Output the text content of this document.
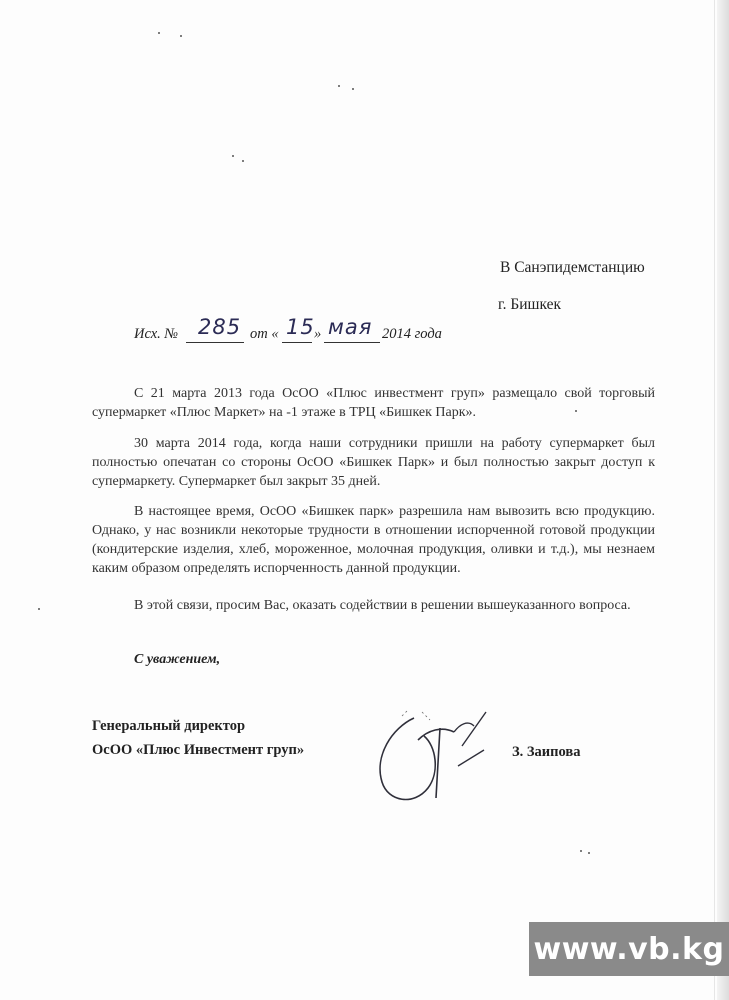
В Санэпидемстанцию
г. Бишкек
Исх. № 285 от « 15 » мая 2014 года

С 21 марта 2013 года ОсОО «Плюс инвестмент груп» размещало свой торговый супермаркет «Плюс Маркет» на -1 этаже в ТРЦ «Бишкек Парк».

30 марта 2014 года, когда наши сотрудники пришли на работу супермаркет был полностью опечатан со стороны ОсОО «Бишкек Парк» и был полностью закрыт доступ к супермаркету. Супермаркет был закрыт 35 дней.

В настоящее время, ОсОО «Бишкек парк» разрешила нам вывозить всю продукцию. Однако, у нас возникли некоторые трудности в отношении испорченной готовой продукции (кондитерские изделия, хлеб, мороженное, молочная продукция, оливки и т.д.), мы незнаем каким образом определять испорченность данной продукции.

В этой связи, просим Вас, оказать содействии в решении вышеуказанного вопроса.

С уважением,
Генеральный директор
ОсОО «Плюс Инвестмент груп»	З. Заипова
www.vb.kg
